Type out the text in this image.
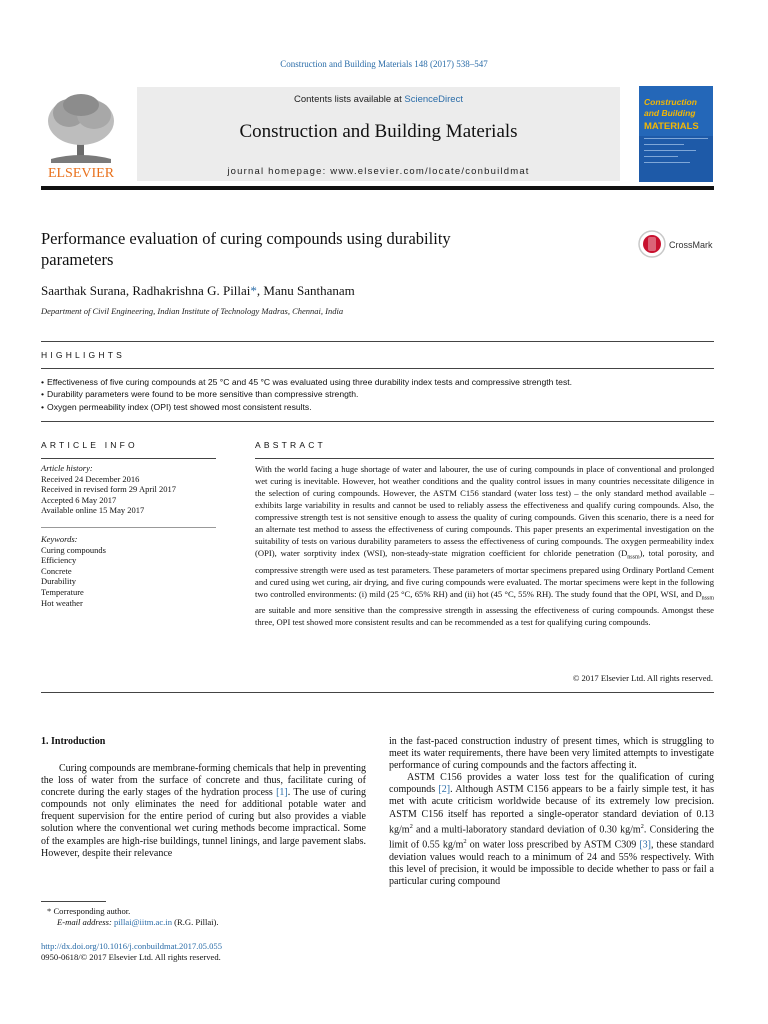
Construction and Building Materials 148 (2017) 538–547
ELSEVIER
Contents lists available at ScienceDirect
Construction and Building Materials
journal homepage: www.elsevier.com/locate/conbuildmat
Construction
and Building
MATERIALS
Performance evaluation of curing compounds using durability
parameters
CrossMark
Saarthak Surana, Radhakrishna G. Pillai*, Manu Santhanam
Department of Civil Engineering, Indian Institute of Technology Madras, Chennai, India
HIGHLIGHTS
• Effectiveness of five curing compounds at 25 °C and 45 °C was evaluated using three durability index tests and compressive strength test.
• Durability parameters were found to be more sensitive than compressive strength.
• Oxygen permeability index (OPI) test showed most consistent results.
ARTICLE INFO	ABSTRACT
Article history:
Received 24 December 2016
Received in revised form 29 April 2017
Accepted 6 May 2017
Available online 15 May 2017
Keywords:
Curing compounds
Efficiency
Concrete
Durability
Temperature
Hot weather
With the world facing a huge shortage of water and labourer, the use of curing compounds in place of conventional and prolonged wet curing is inevitable. However, hot weather conditions and the quality control issues in many countries necessitate diligence in the selection of curing compounds. However, the ASTM C156 standard (water loss test) – the only standard method available – exhibits large variability in results and cannot be used to reliably assess the effectiveness and qualify curing compounds. Also, the compressive strength test is not sensitive enough to assess the quality of curing compounds. Given this scenario, there is a need for an alternate test method to assess the effectiveness of curing compounds. This paper presents an experimental investigation on the suitability of tests on various durability parameters to assess the effectiveness of curing compounds. The oxygen permeability index (OPI), water sorptivity index (WSI), non-steady-state migration coefficient for chloride penetration $(D_{nssm})$, total porosity, and compressive strength were used as test parameters. These parameters of mortar specimens prepared using Ordinary Portland Cement and cured using wet curing, air drying, and five curing compounds were evaluated. The mortar specimens were kept in the following two controlled environments: (i) mild (25 °C, 65% RH) and (ii) hot (45 °C, 55% RH). The study found that the OPI, WSI, and $D_{nssm}$ are suitable and more sensitive than the compressive strength in assessing the effectiveness of curing compounds. Amongst these three, OPI test showed more consistent results and can be recommended as a test for qualifying curing compounds.
© 2017 Elsevier Ltd. All rights reserved.
1. Introduction

Curing compounds are membrane-forming chemicals that help in preventing the loss of water from the surface of concrete and thus, facilitate curing of concrete during the early stages of the hydration process [1]. The use of curing compounds not only eliminates the need for additional potable water and frequent supervision for the entire period of curing but also provides a viable solution where the conventional wet curing methods become impractical. Some of the examples are high-rise buildings, tunnel linings, and large pavement slabs. However, despite their relevance

in the fast-paced construction industry of present times, which is struggling to meet its water requirements, there have been very limited attempts to investigate performance of curing compounds and the factors affecting it.

ASTM C156 provides a water loss test for the qualification of curing compounds [2]. Although ASTM C156 appears to be a fairly simple test, it has met with acute criticism worldwide because of its extremely low precision. ASTM C156 itself has reported a single-operator standard deviation of 0.13 $kg/m^2$ and a multi-laboratory standard deviation of 0.30 $kg/m^2$. Considering the limit of 0.55 $kg/m^2$ on water loss prescribed by ASTM C309 [3], these standard deviation values would reach to a minimum of 24 and 55% respectively. With this level of precision, it would be impossible to decide whether to pass or fail a particular curing compound

* Corresponding author.
E-mail address: pillai@iitm.ac.in (R.G. Pillai).
http://dx.doi.org/10.1016/j.conbuildmat.2017.05.055
0950-0618/© 2017 Elsevier Ltd. All rights reserved.
